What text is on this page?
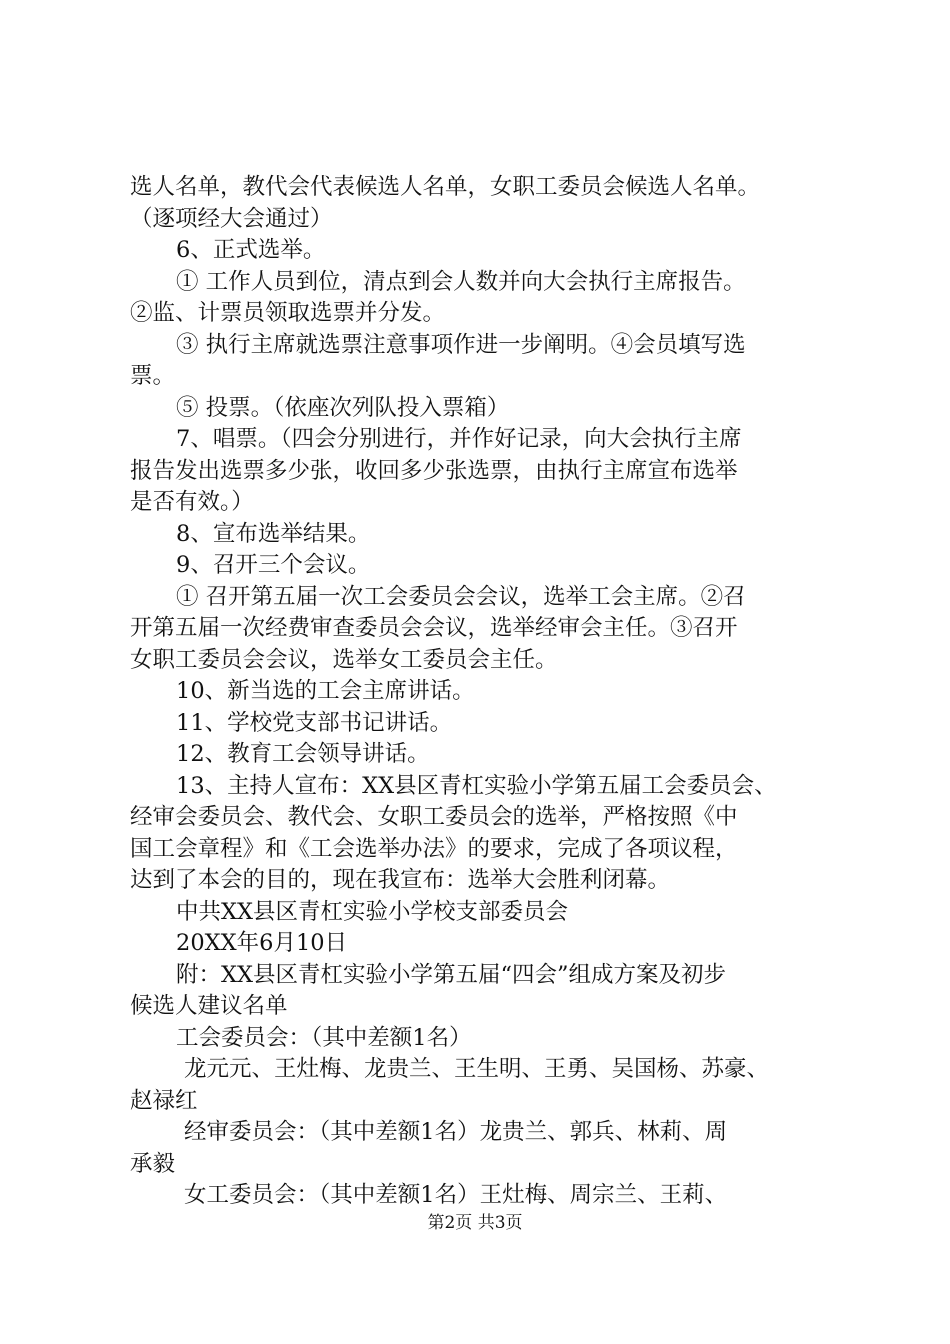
选人名单，教代会代表候选人名单，女职工委员会候选人名单。
（逐项经大会通过）
6、正式选举。
① 工作人员到位，清点到会人数并向大会执行主席报告。
②监、计票员领取选票并分发。
③ 执行主席就选票注意事项作进一步阐明。④会员填写选
票。
⑤ 投票。（依座次列队投入票箱）
7、唱票。（四会分别进行，并作好记录，向大会执行主席
报告发出选票多少张，收回多少张选票，由执行主席宣布选举
是否有效。）
8、宣布选举结果。
9、召开三个会议。
① 召开第五届一次工会委员会会议，选举工会主席。②召
开第五届一次经费审查委员会会议，选举经审会主任。③召开
女职工委员会会议，选举女工委员会主任。
10、新当选的工会主席讲话。
11、学校党支部书记讲话。
12、教育工会领导讲话。
13、主持人宣布：XX县区青杠实验小学第五届工会委员会、
经审会委员会、教代会、女职工委员会的选举，严格按照《中
国工会章程》和《工会选举办法》的要求，完成了各项议程，
达到了本会的目的，现在我宣布：选举大会胜利闭幕。
中共XX县区青杠实验小学校支部委员会
20XX年6月10日
附：XX县区青杠实验小学第五届“四会”组成方案及初步
候选人建议名单
工会委员会：（其中差额1名）
龙元元、王灶梅、龙贵兰、王生明、王勇、吴国杨、苏豪、
赵禄红
经审委员会：（其中差额1名）龙贵兰、郭兵、林莉、周
承毅
女工委员会：（其中差额1名）王灶梅、周宗兰、王莉、
第2页 共3页
